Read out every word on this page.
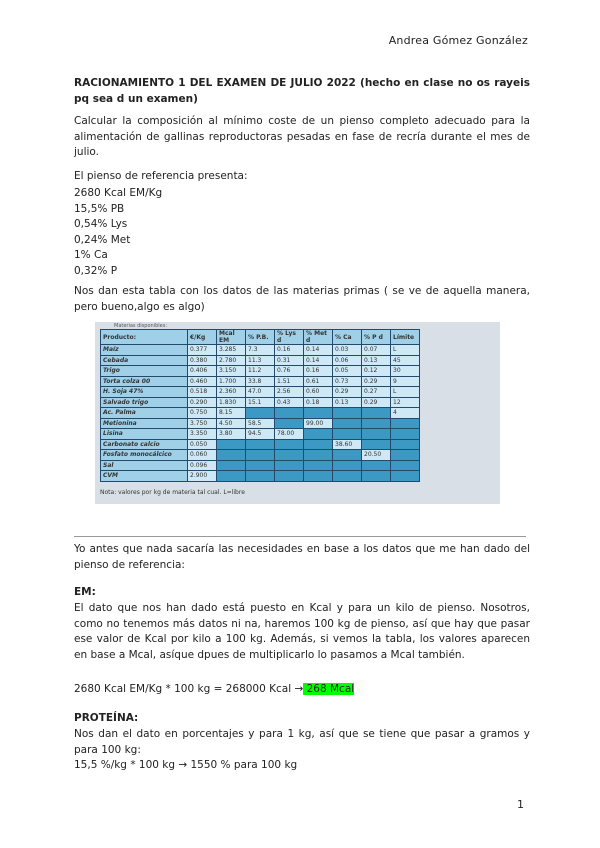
Andrea Gómez González
RACIONAMIENTO 1 DEL EXAMEN DE JULIO 2022 (hecho en clase no os rayeis pq sea d un examen)
Calcular la composición al mínimo coste de un pienso completo adecuado para la alimentación de gallinas reproductoras pesadas en fase de recría durante el mes de julio.
El pienso de referencia presenta:
2680 Kcal EM/Kg
15,5% PB
0,54% Lys
0,24% Met
1% Ca
0,32% P
Nos dan esta tabla con los datos de las materias primas ( se ve de aquella manera, pero bueno,algo es algo)
Materias disponibles:
Producto:	€/Kg	Mcal EM	% P.B.	% Lys d	% Met d	% Ca	% P d	Límite
Maíz	0.377	3.285	7.3	0.16	0.14	0.03	0.07	L
Cebada	0.380	2.780	11.3	0.31	0.14	0.06	0.13	45
Trigo	0.406	3.150	11.2	0.76	0.16	0.05	0.12	30
Torta colza 00	0.460	1.700	33.8	1.51	0.61	0.73	0.29	9
H. Soja 47%	0.518	2.360	47.0	2.56	0.60	0.29	0.27	L
Salvado trigo	0.290	1.830	15.1	0.43	0.18	0.13	0.29	12
Ac. Palma	0.750	8.15						4
Metionina	3.750	4.50	58.5		99.00			
Lisina	3.350	3.80	94.5	78.00				
Carbonato calcio	0.050					38.60		
Fosfato monocálcico	0.060						20.50	
Sal	0.096							
CVM	2.900							
Nota: valores por kg de materia tal cual. L=libre
Yo antes que nada sacaría las necesidades en base a los datos que me han dado del pienso de referencia:
EM:
El dato que nos han dado está puesto en Kcal y para un kilo de pienso. Nosotros, como no tenemos más datos ni na, haremos 100 kg de pienso, así que hay que pasar ese valor de Kcal por kilo a 100 kg. Además, si vemos la tabla, los valores aparecen en base a Mcal, asíque dpues de multiplicarlo lo pasamos a Mcal también.
2680 Kcal EM/Kg * 100 kg = 268000 Kcal → 268 Mcal
PROTEÍNA:
Nos dan el dato en porcentajes y para 1 kg, así que se tiene que pasar a gramos y para 100 kg:
15,5 %/kg * 100 kg → 1550 % para 100 kg
1
